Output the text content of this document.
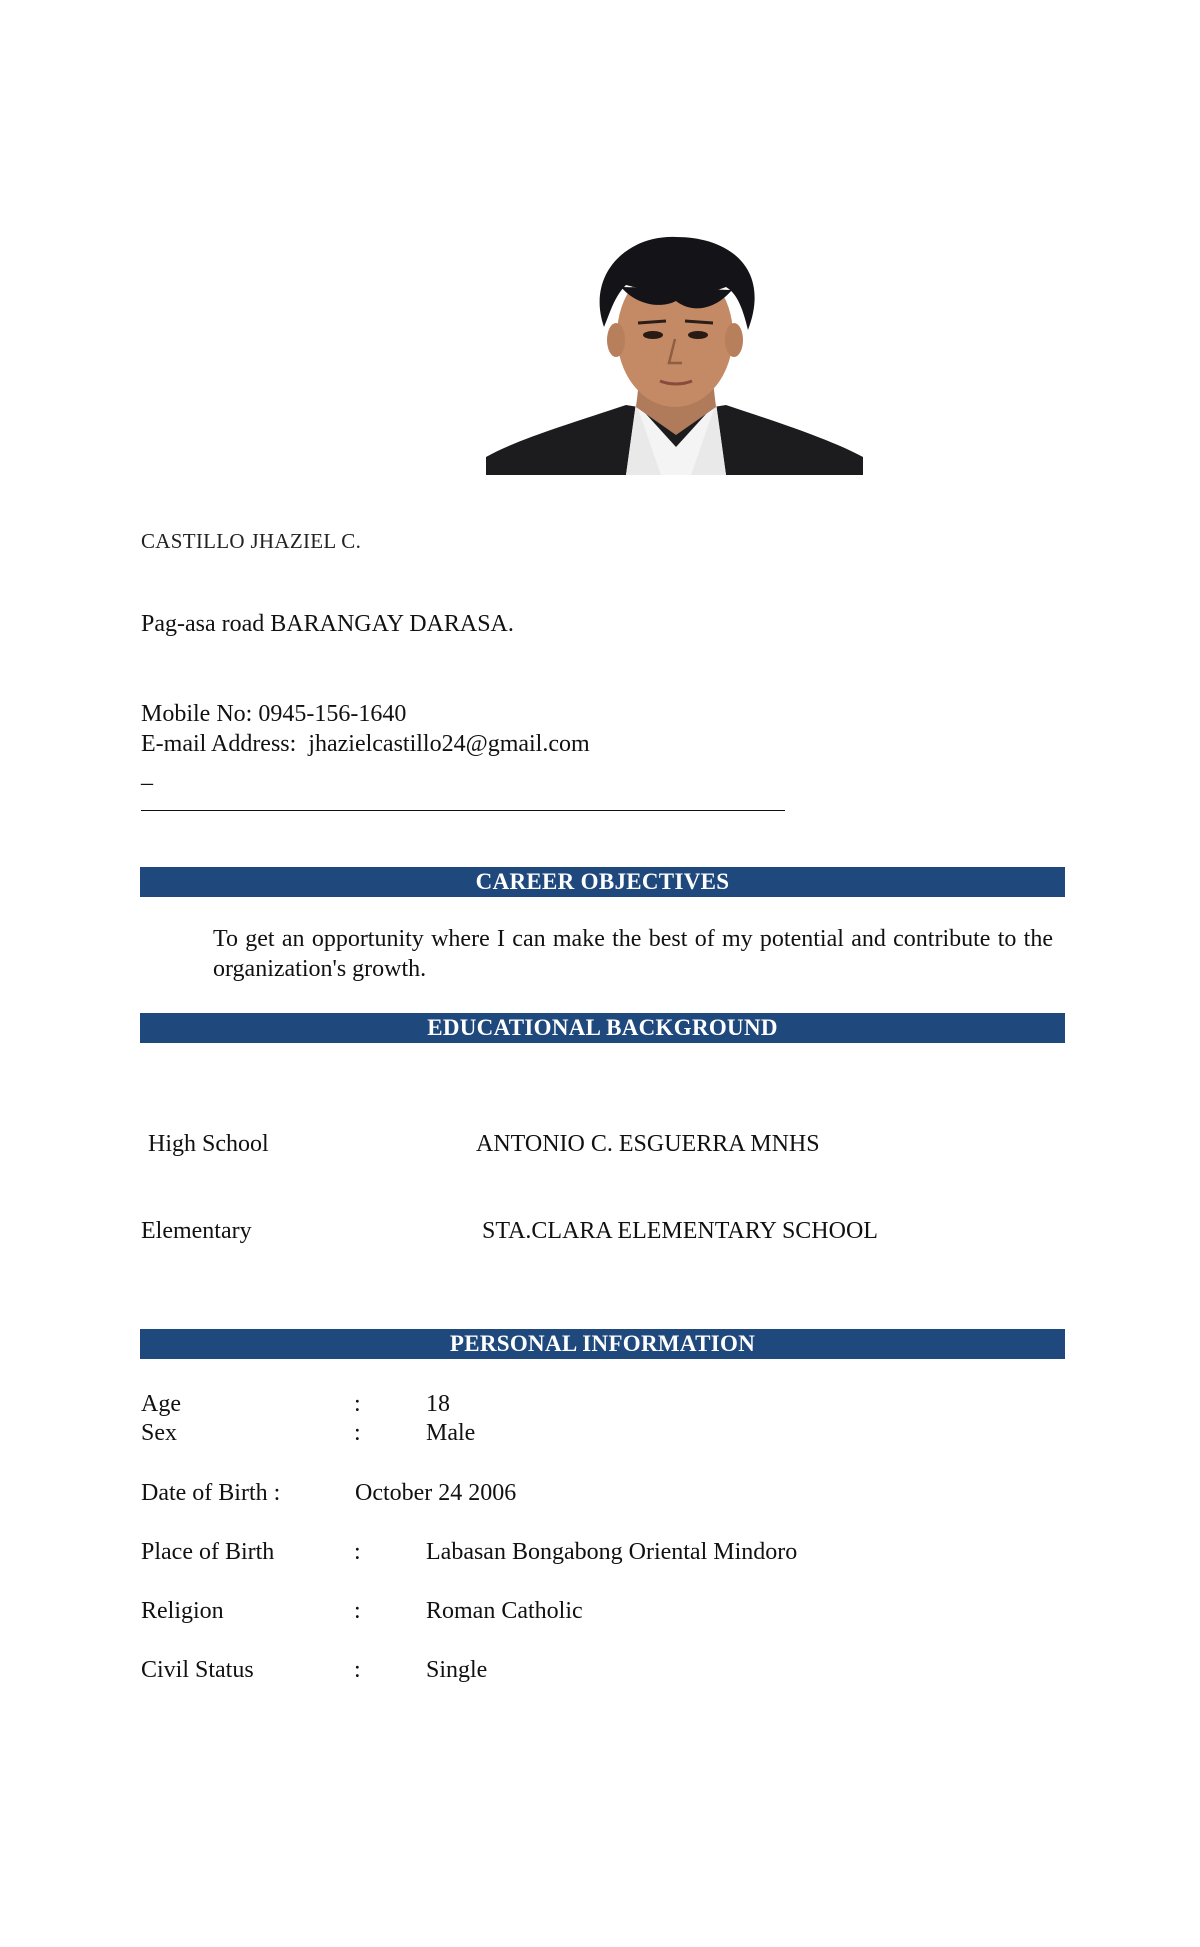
CASTILLO JHAZIEL C.
Pag-asa road BARANGAY DARASA.
Mobile No: 0945-156-1640
E-mail Address:  jhazielcastillo24@gmail.com
_
CAREER OBJECTIVES
To get an opportunity where I can make the best of my potential and contribute to the organization's growth.
EDUCATIONAL BACKGROUND
High School	ANTONIO C. ESGUERRA MNHS
Elementary	STA.CLARA ELEMENTARY SCHOOL
PERSONAL INFORMATION
Age	:	18
Sex	:	Male
Date of Birth :	October 24 2006
Place of Birth	:	Labasan Bongabong Oriental Mindoro
Religion	:	Roman Catholic
Civil Status	:	Single
